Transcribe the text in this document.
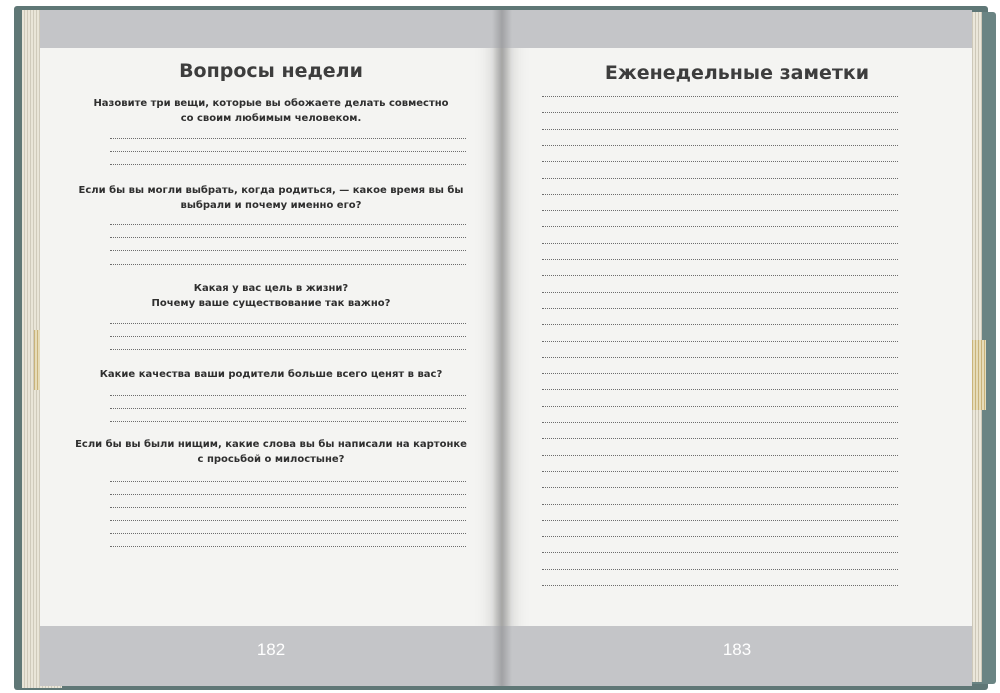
Вопросы недели
Назовите три вещи, которые вы обожаете делать совместно
со своим любимым человеком.
Если бы вы могли выбрать, когда родиться, — какое время вы бы
выбрали и почему именно его?
Какая у вас цель в жизни?
Почему ваше существование так важно?
Какие качества ваши родители больше всего ценят в вас?
Если бы вы были нищим, какие слова вы бы написали на картонке
с просьбой о милостыне?
182
Еженедельные заметки
183
